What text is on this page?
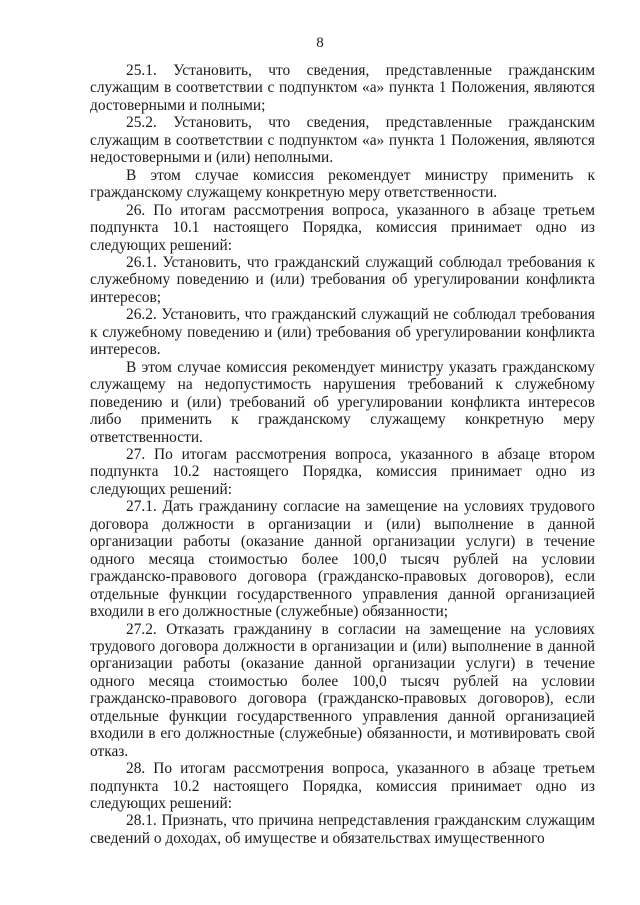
8

25.1. Установить, что сведения, представленные гражданским служащим в соответствии с подпунктом «а» пункта 1 Положения, являются достоверными и полными;

25.2. Установить, что сведения, представленные гражданским служащим в соответствии с подпунктом «а» пункта 1 Положения, являются недостоверными и (или) неполными.

В этом случае комиссия рекомендует министру применить к гражданскому служащему конкретную меру ответственности.

26. По итогам рассмотрения вопроса, указанного в абзаце третьем подпункта 10.1 настоящего Порядка, комиссия принимает одно из следующих решений:

26.1. Установить, что гражданский служащий соблюдал требования к служебному поведению и (или) требования об урегулировании конфликта интересов;

26.2. Установить, что гражданский служащий не соблюдал требования к служебному поведению и (или) требования об урегулировании конфликта интересов.

В этом случае комиссия рекомендует министру указать гражданскому служащему на недопустимость нарушения требований к служебному поведению и (или) требований об урегулировании конфликта интересов либо применить к гражданскому служащему конкретную меру ответственности.

27. По итогам рассмотрения вопроса, указанного в абзаце втором подпункта 10.2 настоящего Порядка, комиссия принимает одно из следующих решений:

27.1. Дать гражданину согласие на замещение на условиях трудового договора должности в организации и (или) выполнение в данной организации работы (оказание данной организации услуги) в течение одного месяца стоимостью более 100,0 тысяч рублей на условии гражданско-правового договора (гражданско-правовых договоров), если отдельные функции государственного управления данной организацией входили в его должностные (служебные) обязанности;

27.2. Отказать гражданину в согласии на замещение на условиях трудового договора должности в организации и (или) выполнение в данной организации работы (оказание данной организации услуги) в течение одного месяца стоимостью более 100,0 тысяч рублей на условии гражданско-правового договора (гражданско-правовых договоров), если отдельные функции государственного управления данной организацией входили в его должностные (служебные) обязанности, и мотивировать свой отказ.

28. По итогам рассмотрения вопроса, указанного в абзаце третьем подпункта 10.2 настоящего Порядка, комиссия принимает одно из следующих решений:

28.1. Признать, что причина непредставления гражданским служащим сведений о доходах, об имуществе и обязательствах имущественного
